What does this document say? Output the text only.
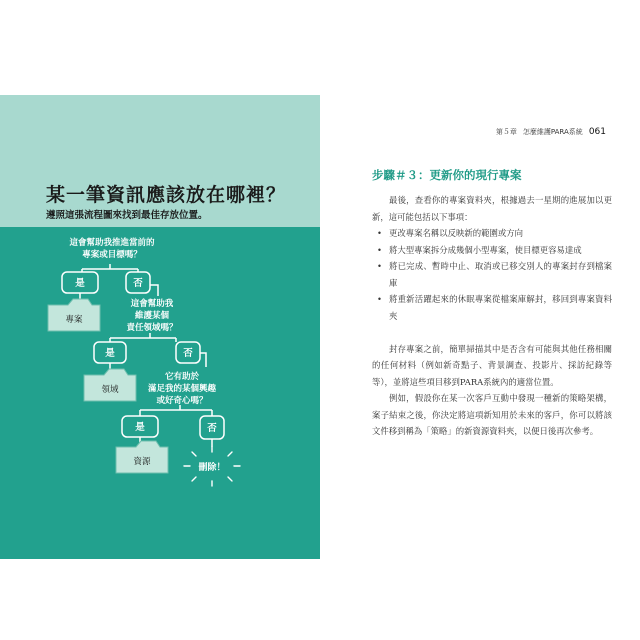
某一筆資訊應該放在哪裡？
遵照這張流程圖來找到最佳存放位置。
這會幫助我推進當前的
專案或目標嗎？
這會幫助我
維護某個
責任領域嗎？
它有助於
滿足我的某個興趣
或好奇心嗎？
是	否
是	否
是	否
專案
領域
資源
刪除！
第５章 怎麼維護PARA系統 061
步驟＃３：更新你的現行專案

最後，查看你的專案資料夾，根據過去一星期的進展加以更新，這可能包括以下事項：

• 更改專案名稱以反映新的範圍或方向
• 將大型專案拆分成幾個小型專案，使目標更容易達成
• 將已完成、暫時中止、取消或已移交別人的專案封存到檔案庫
• 將重新活躍起來的休眠專案從檔案庫解封，移回到專案資料夾

封存專案之前，簡單掃描其中是否含有可能與其他任務相關的任何材料（例如新奇點子、背景調查、投影片、採訪紀錄等等），並將這些項目移到PARA系統內的適當位置。

例如，假設你在某一次客戶互動中發現一種新的策略架構，案子結束之後，你決定將這項新知用於未來的客戶，你可以將該文件移到稱為「策略」的新資源資料夾，以便日後再次參考。
